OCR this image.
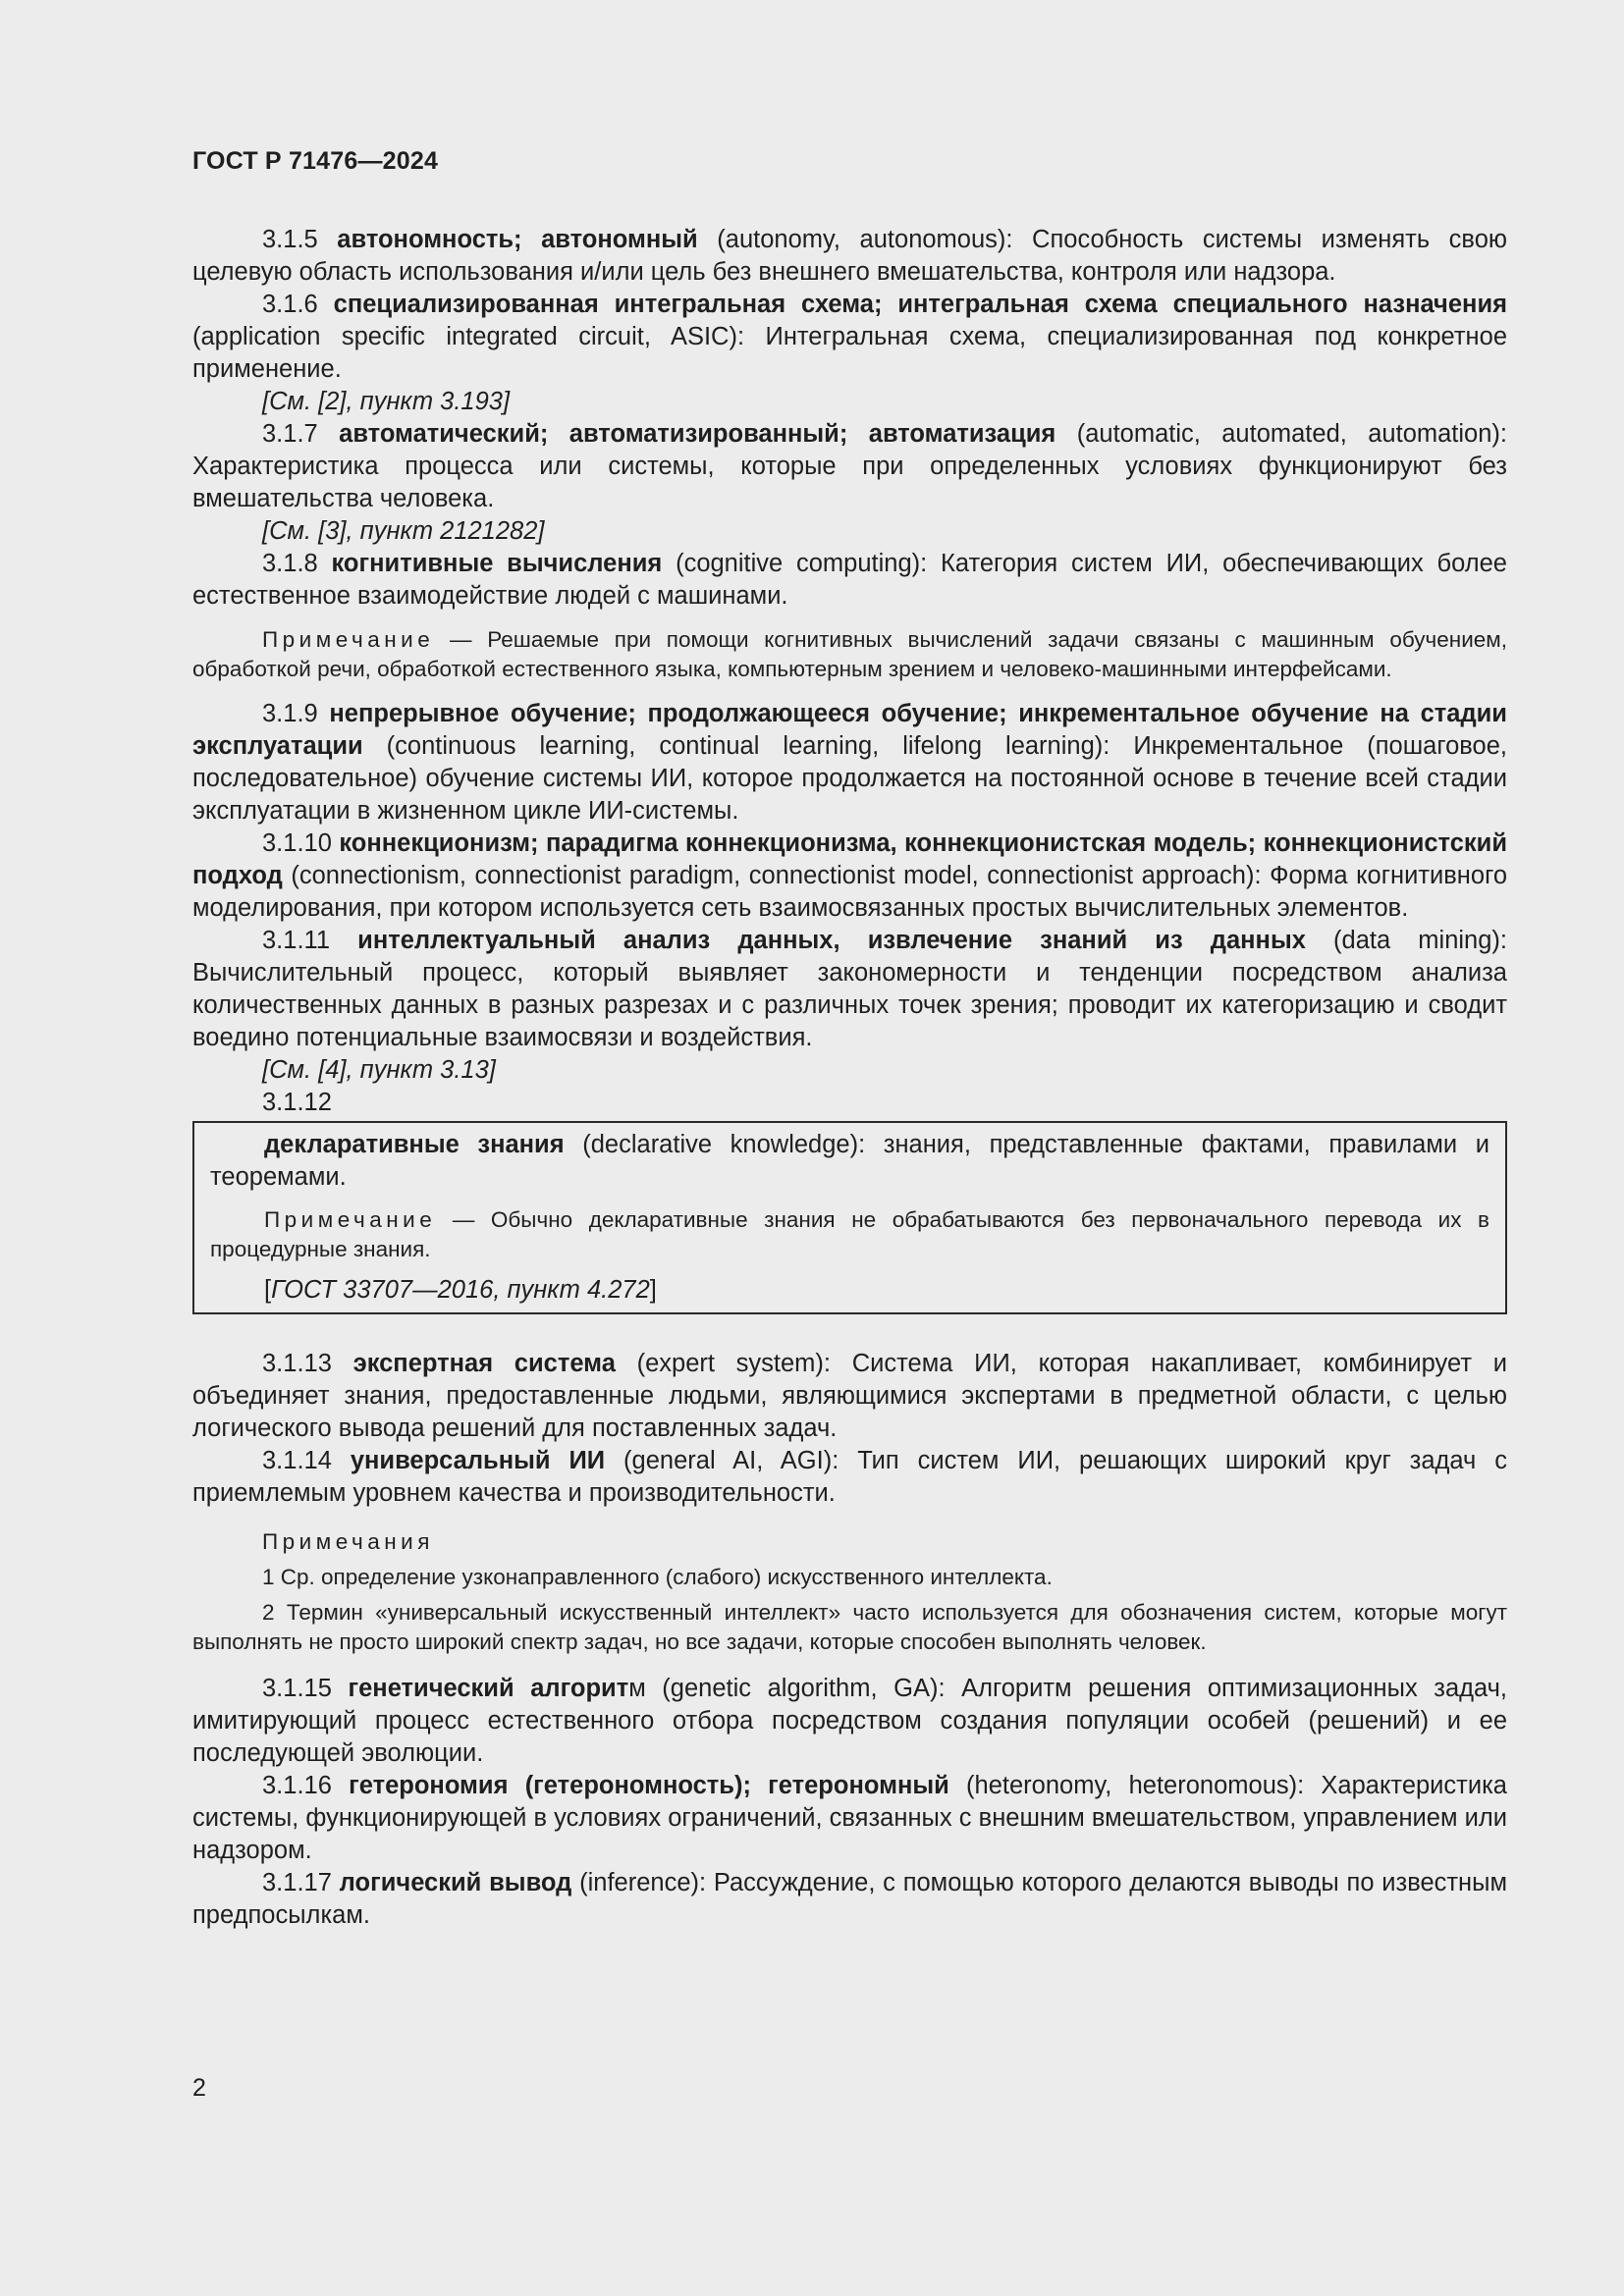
ГОСТ Р 71476—2024

3.1.5 автономность; автономный (autonomy, autonomous): Способность системы изменять свою целевую область использования и/или цель без внешнего вмешательства, контроля или надзора.

3.1.6 специализированная интегральная схема; интегральная схема специального назначения (application specific integrated circuit, ASIC): Интегральная схема, специализированная под конкретное применение.

[См. [2], пункт 3.193]

3.1.7 автоматический; автоматизированный; автоматизация (automatic, automated, automation): Характеристика процесса или системы, которые при определенных условиях функционируют без вмешательства человека.

[См. [3], пункт 2121282]

3.1.8 когнитивные вычисления (cognitive computing): Категория систем ИИ, обеспечивающих более естественное взаимодействие людей с машинами.

Примечание — Решаемые при помощи когнитивных вычислений задачи связаны с машинным обучением, обработкой речи, обработкой естественного языка, компьютерным зрением и человеко-машинными интерфейсами.

3.1.9 непрерывное обучение; продолжающееся обучение; инкрементальное обучение на стадии эксплуатации (continuous learning, continual learning, lifelong learning): Инкрементальное (пошаговое, последовательное) обучение системы ИИ, которое продолжается на постоянной основе в течение всей стадии эксплуатации в жизненном цикле ИИ-системы.

3.1.10 коннекционизм; парадигма коннекционизма, коннекционистская модель; коннекционистский подход (connectionism, connectionist paradigm, connectionist model, connectionist approach): Форма когнитивного моделирования, при котором используется сеть взаимосвязанных простых вычислительных элементов.

3.1.11 интеллектуальный анализ данных, извлечение знаний из данных (data mining): Вычислительный процесс, который выявляет закономерности и тенденции посредством анализа количественных данных в разных разрезах и с различных точек зрения; проводит их категоризацию и сводит воедино потенциальные взаимосвязи и воздействия.

[См. [4], пункт 3.13]

3.1.12

декларативные знания (declarative knowledge): знания, представленные фактами, правилами и теоремами.

Примечание — Обычно декларативные знания не обрабатываются без первоначального перевода их в процедурные знания.

[ГОСТ 33707—2016, пункт 4.272]

3.1.13 экспертная система (expert system): Система ИИ, которая накапливает, комбинирует и объединяет знания, предоставленные людьми, являющимися экспертами в предметной области, с целью логического вывода решений для поставленных задач.

3.1.14 универсальный ИИ (general AI, AGI): Тип систем ИИ, решающих широкий круг задач с приемлемым уровнем качества и производительности.

Примечания

1 Ср. определение узконаправленного (слабого) искусственного интеллекта.

2 Термин «универсальный искусственный интеллект» часто используется для обозначения систем, которые могут выполнять не просто широкий спектр задач, но все задачи, которые способен выполнять человек.

3.1.15 генетический алгоритм (genetic algorithm, GA): Алгоритм решения оптимизационных задач, имитирующий процесс естественного отбора посредством создания популяции особей (решений) и ее последующей эволюции.

3.1.16 гетерономия (гетерономность); гетерономный (heteronomy, heteronomous): Характеристика системы, функционирующей в условиях ограничений, связанных с внешним вмешательством, управлением или надзором.

3.1.17 логический вывод (inference): Рассуждение, с помощью которого делаются выводы по известным предпосылкам.

2
